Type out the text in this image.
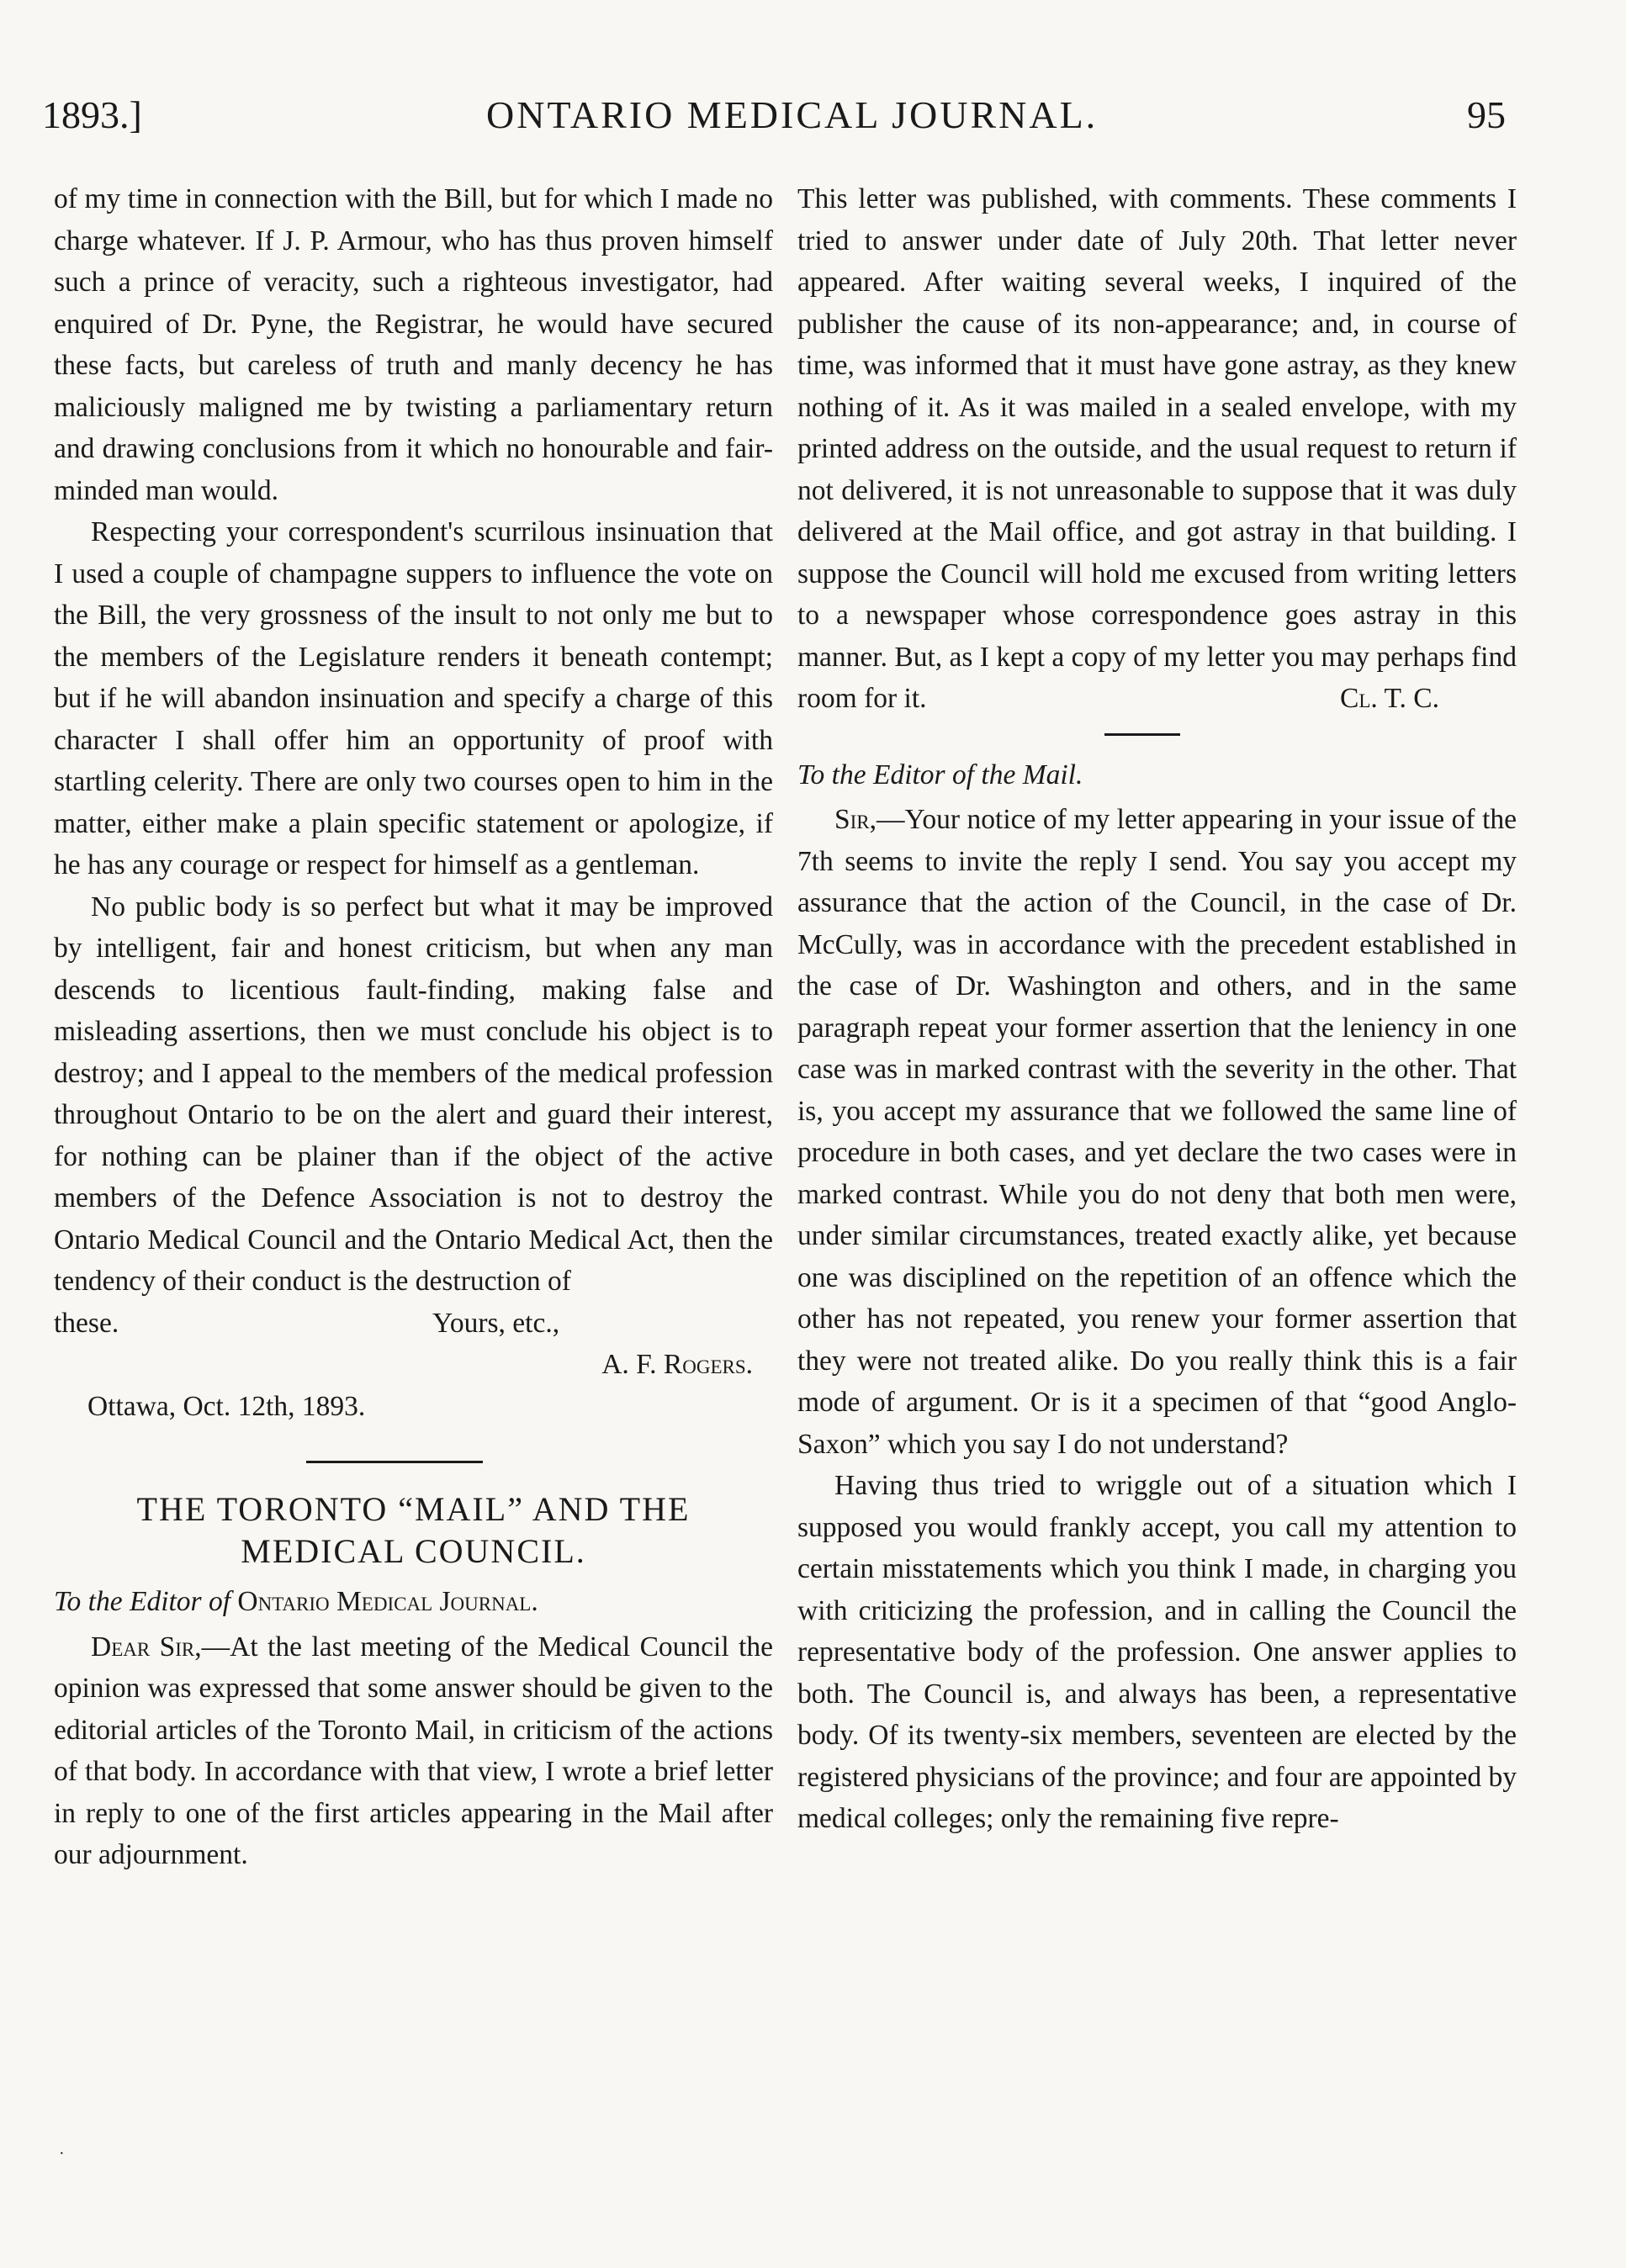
1893.]	ONTARIO MEDICAL JOURNAL.	95

of my time in connection with the Bill, but for which I made no charge whatever. If J. P. Armour, who has thus proven himself such a prince of veracity, such a righteous investigator, had enquired of Dr. Pyne, the Registrar, he would have secured these facts, but careless of truth and manly decency he has maliciously maligned me by twisting a parliamentary return and drawing conclusions from it which no honourable and fair-minded man would.

Respecting your correspondent's scurrilous insinuation that I used a couple of champagne suppers to influence the vote on the Bill, the very grossness of the insult to not only me but to the members of the Legislature renders it beneath contempt; but if he will abandon insinuation and specify a charge of this character I shall offer him an opportunity of proof with startling celerity. There are only two courses open to him in the matter, either make a plain specific statement or apologize, if he has any courage or respect for himself as a gentleman.

No public body is so perfect but what it may be improved by intelligent, fair and honest criticism, but when any man descends to licentious fault-finding, making false and misleading assertions, then we must conclude his object is to destroy; and I appeal to the members of the medical profession throughout Ontario to be on the alert and guard their interest, for nothing can be plainer than if the object of the active members of the Defence Association is not to destroy the Ontario Medical Council and the Ontario Medical Act, then the tendency of their conduct is the destruction of

these.	Yours, etc.,
A. F. Rogers.
Ottawa, Oct. 12th, 1893.
THE TORONTO “MAIL” AND THE
MEDICAL COUNCIL.
To the Editor of Ontario Medical Journal.

Dear Sir,—At the last meeting of the Medical Council the opinion was expressed that some answer should be given to the editorial articles of the Toronto Mail, in criticism of the actions of that body. In accordance with that view, I wrote a brief letter in reply to one of the first articles appearing in the Mail after our adjournment.

This letter was published, with comments. These comments I tried to answer under date of July 20th. That letter never appeared. After waiting several weeks, I inquired of the publisher the cause of its non-appearance; and, in course of time, was informed that it must have gone astray, as they knew nothing of it. As it was mailed in a sealed envelope, with my printed address on the outside, and the usual request to return if not delivered, it is not unreasonable to suppose that it was duly delivered at the Mail office, and got astray in that building. I suppose the Council will hold me excused from writing letters to a newspaper whose correspondence goes astray in this manner. But, as I kept a copy of my letter you may perhaps find

room for it.	Cl. T. C.
To the Editor of the Mail.

Sir,—Your notice of my letter appearing in your issue of the 7th seems to invite the reply I send. You say you accept my assurance that the action of the Council, in the case of Dr. McCully, was in accordance with the precedent established in the case of Dr. Washington and others, and in the same paragraph repeat your former assertion that the leniency in one case was in marked contrast with the severity in the other. That is, you accept my assurance that we followed the same line of procedure in both cases, and yet declare the two cases were in marked contrast. While you do not deny that both men were, under similar circumstances, treated exactly alike, yet because one was disciplined on the repetition of an offence which the other has not repeated, you renew your former assertion that they were not treated alike. Do you really think this is a fair mode of argument. Or is it a specimen of that “good Anglo-Saxon” which you say I do not understand?

Having thus tried to wriggle out of a situation which I supposed you would frankly accept, you call my attention to certain misstatements which you think I made, in charging you with criticizing the profession, and in calling the Council the representative body of the profession. One answer applies to both. The Council is, and always has been, a representative body. Of its twenty-six members, seventeen are elected by the registered physicians of the province; and four are appointed by medical colleges; only the remaining five repre-

·
